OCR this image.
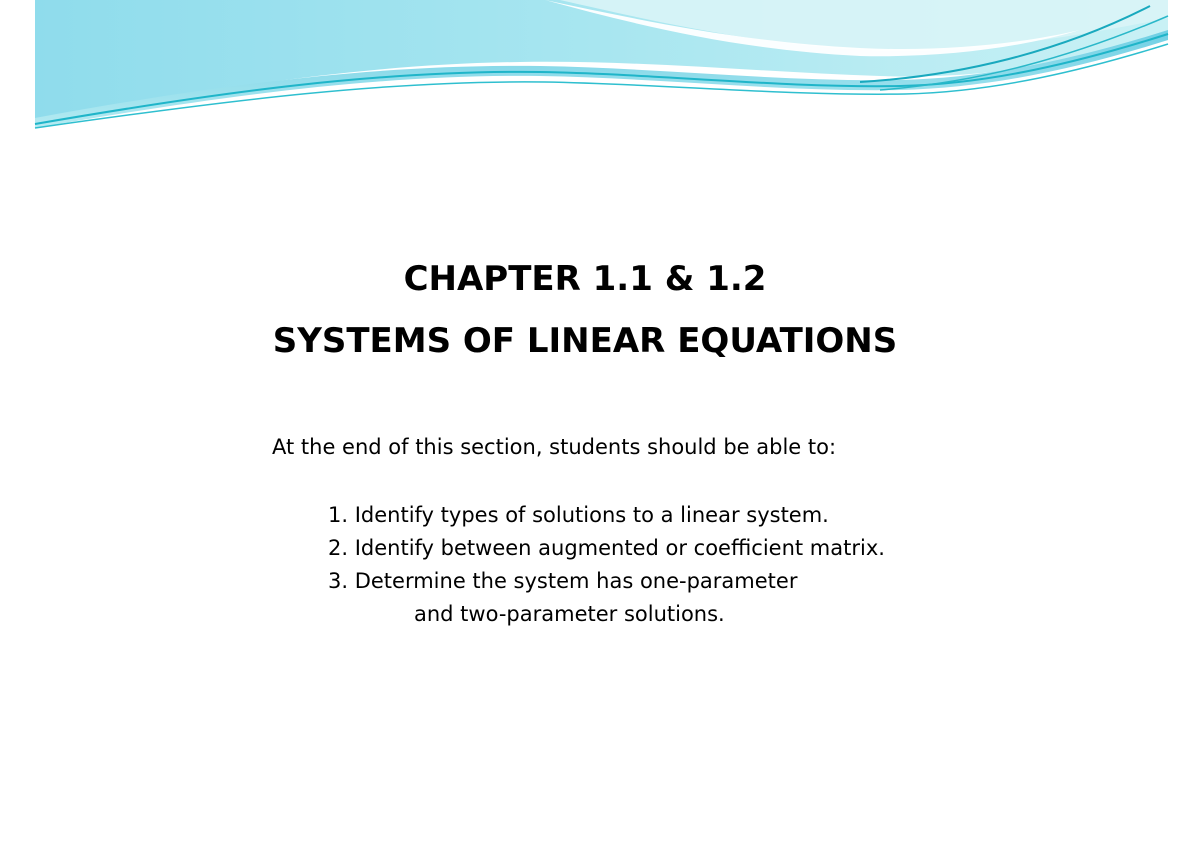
CHAPTER 1.1 & 1.2
SYSTEMS OF LINEAR EQUATIONS
At the end of this section, students should be able to:
1. Identify types of solutions to a linear system.
2. Identify between augmented or coefficient matrix.
3. Determine the system has one-parameter
and two-parameter solutions.
